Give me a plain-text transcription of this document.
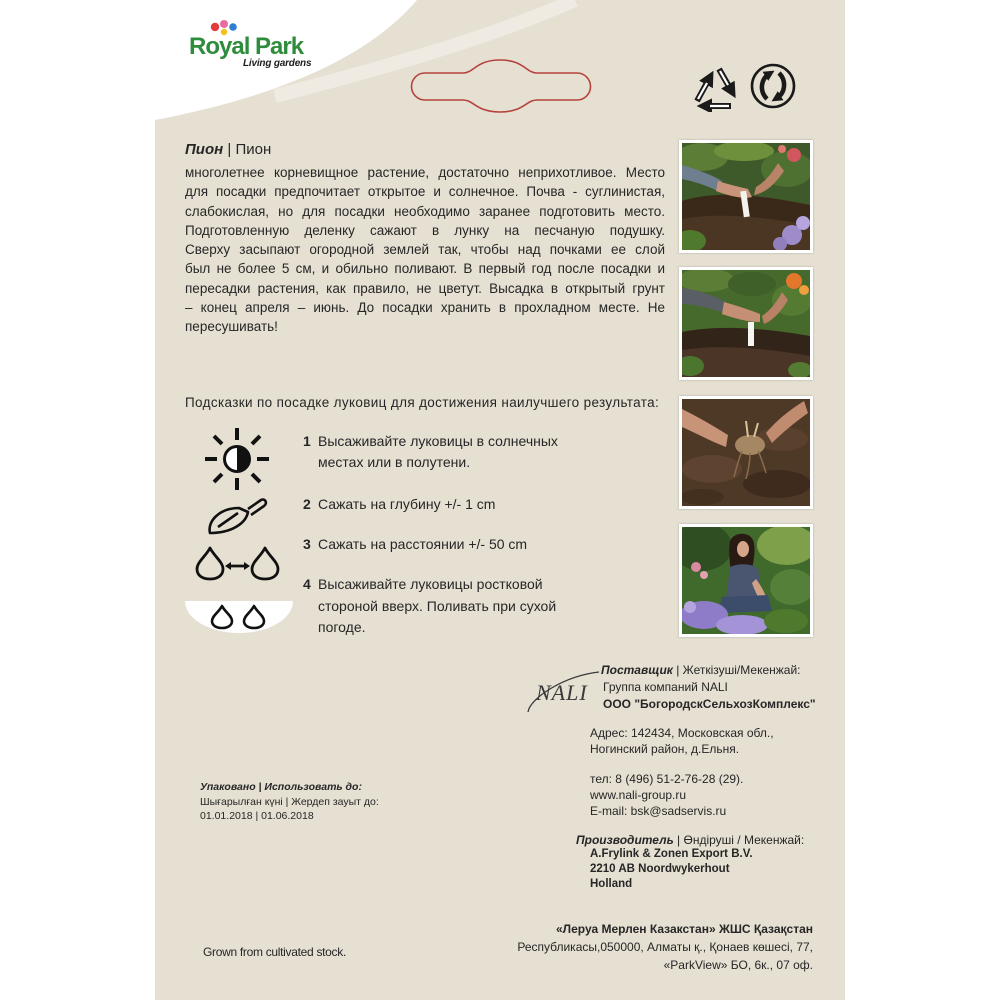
Royal Park
Living gardens
Пион | Пион
многолетнее корневищное растение, достаточно неприхотливое. Место
для посадки предпочитает открытое и солнечное. Почва - суглинистая,
слабокислая, но для посадки необходимо заранее подготовить место.
Подготовленную деленку сажают в лунку на песчаную подушку.
Сверху засыпают огородной землей так, чтобы над почками ее слой
был не более 5 см, и обильно поливают. В первый год после посадки и
пересадки растения, как правило, не цветут. Высадка в открытый грунт
– конец апреля – июнь. До посадки хранить в прохладном месте. Не
пересушивать!
Подсказки по посадке луковиц для достижения наилучшего результата:
1 Высаживайте луковицы в солнечных
местах или в полутени.
2 Сажать на глубину +/- 1 cm
3 Сажать на расстоянии +/- 50 cm
4 Высаживайте луковицы ростковой
стороной вверх. Поливать при сухой
погоде.
NALI
Поставщик | Жеткізуші/Мекенжай:
Группа компаний NALI
ООО "БогородскСельхозКомплекс"
Адрес: 142434, Московская обл.,
Ногинский район, д.Ельня.
тел: 8 (496) 51-2-76-28 (29).
www.nali-group.ru
E-mail: bsk@sadservis.ru
Производитель | Өндіруші / Мекенжай:
A.Frylink & Zonen Export B.V.
2210 AB Noordwykerhout
Holland
Упаковано | Использовать до:
Шығарылған күні | Жердеп зауыт до:
01.01.2018 | 01.06.2018
«Леруа Мерлен Казакстан» ЖШС Қазақстан
Республикасы,050000, Алматы қ., Қонаев көшесі, 77,
«ParkView» БО, 6к., 07 оф.
Grown from cultivated stock.
